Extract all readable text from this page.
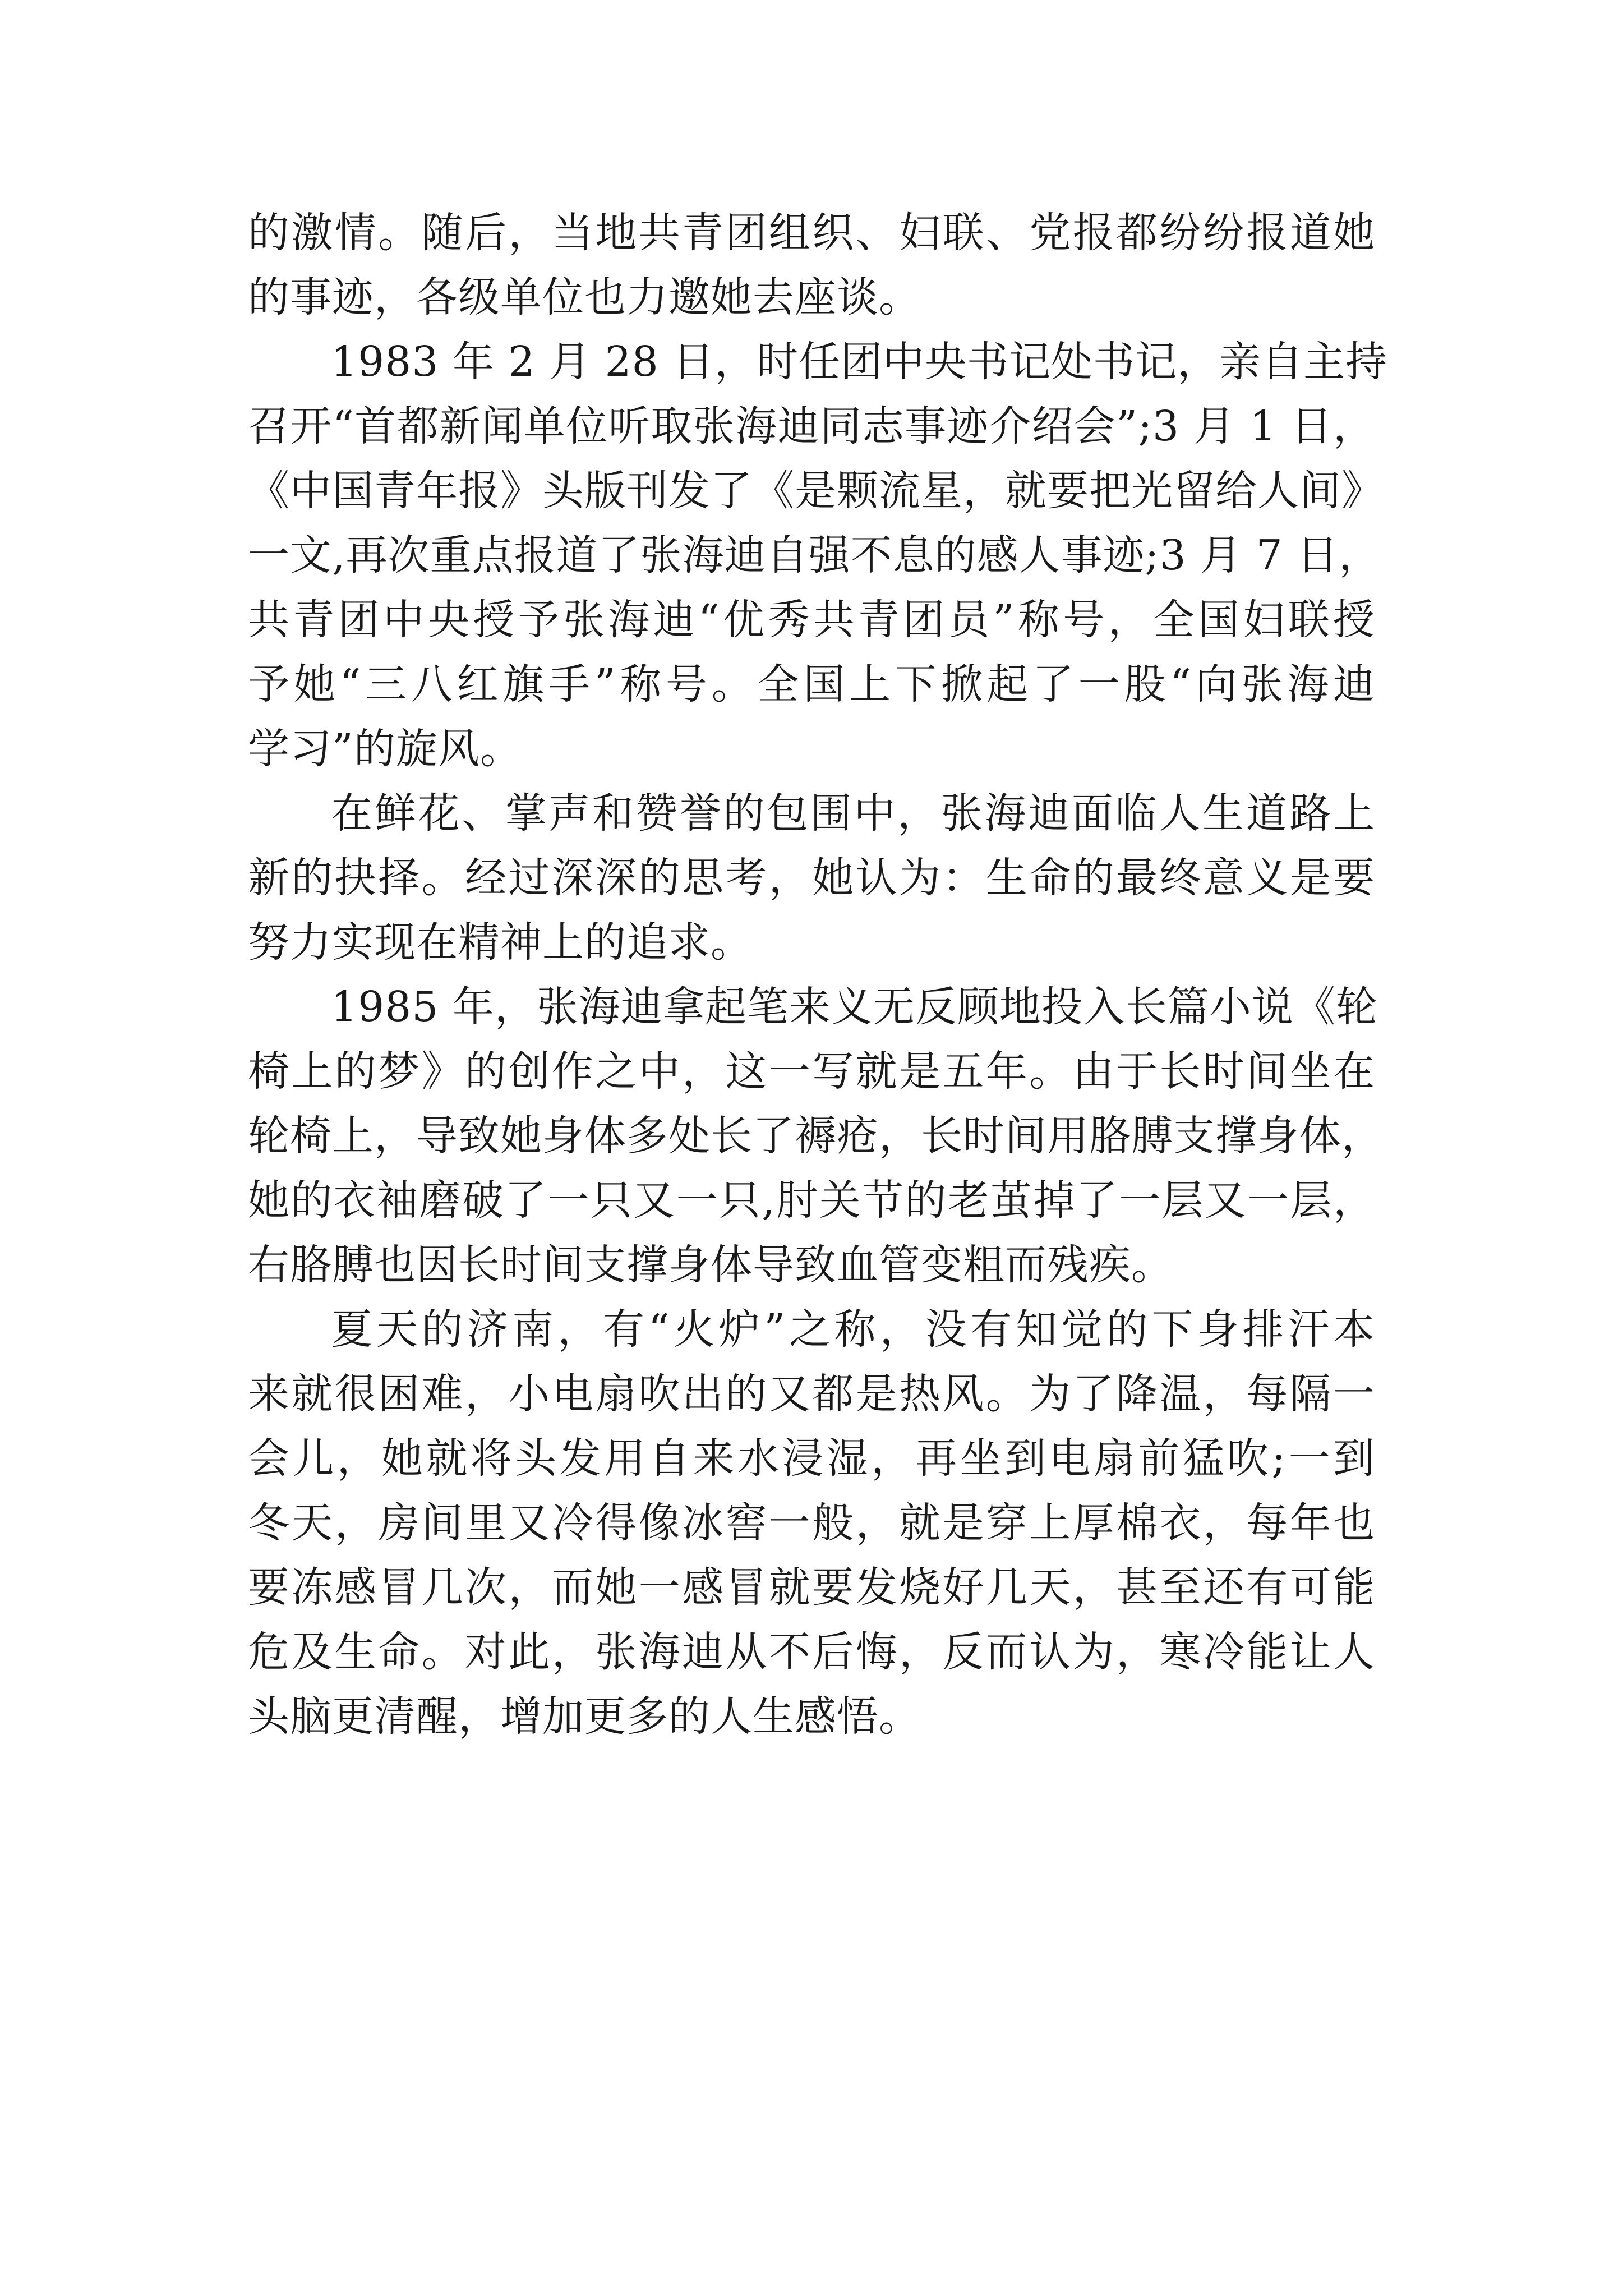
的激情。随后，当地共青团组织、妇联、党报都纷纷报道她
的事迹，各级单位也力邀她去座谈。
1983 年 2 月 28 日，时任团中央书记处书记，亲自主持
召开“首都新闻单位听取张海迪同志事迹介绍会”;3 月 1 日，
《中国青年报》头版刊发了《是颗流星，就要把光留给人间》
一文,再次重点报道了张海迪自强不息的感人事迹;3 月 7 日，
共青团中央授予张海迪“优秀共青团员”称号，全国妇联授
予她“三八红旗手”称号。全国上下掀起了一股“向张海迪
学习”的旋风。
在鲜花、掌声和赞誉的包围中，张海迪面临人生道路上
新的抉择。经过深深的思考，她认为：生命的最终意义是要
努力实现在精神上的追求。
1985 年，张海迪拿起笔来义无反顾地投入长篇小说《轮
椅上的梦》的创作之中，这一写就是五年。由于长时间坐在
轮椅上，导致她身体多处长了褥疮，长时间用胳膊支撑身体，
她的衣袖磨破了一只又一只,肘关节的老茧掉了一层又一层，
右胳膊也因长时间支撑身体导致血管变粗而残疾。
夏天的济南，有“火炉”之称，没有知觉的下身排汗本
来就很困难，小电扇吹出的又都是热风。为了降温，每隔一
会儿，她就将头发用自来水浸湿，再坐到电扇前猛吹;一到
冬天，房间里又冷得像冰窖一般，就是穿上厚棉衣，每年也
要冻感冒几次，而她一感冒就要发烧好几天，甚至还有可能
危及生命。对此，张海迪从不后悔，反而认为，寒冷能让人
头脑更清醒，增加更多的人生感悟。
